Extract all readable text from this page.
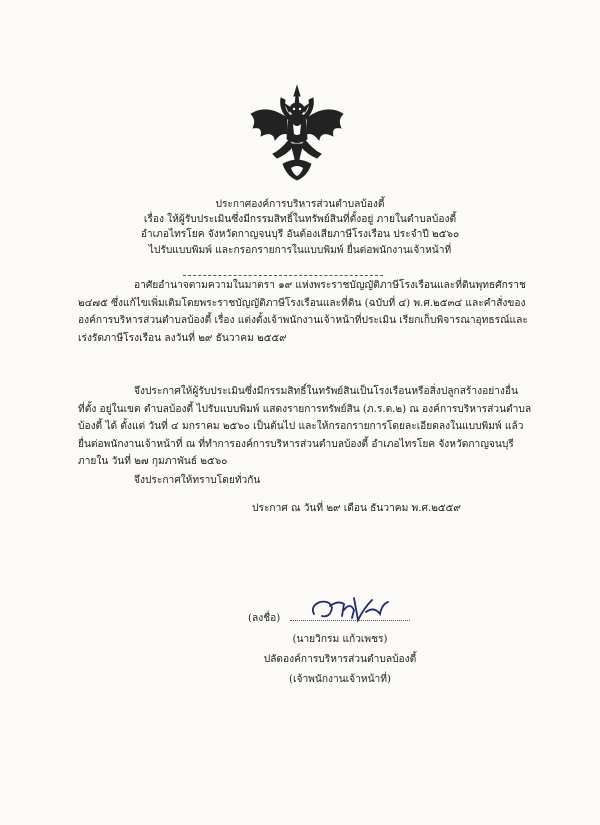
ประกาศองค์การบริหารส่วนตำบลบ้องตี้
เรื่อง ให้ผู้รับประเมินซึ่งมีกรรมสิทธิ์ในทรัพย์สินที่ตั้งอยู่ ภายในตำบลบ้องตี้
อำเภอไทรโยค จังหวัดกาญจนบุรี อันต้องเสียภาษีโรงเรือน ประจำปี ๒๕๖๐
ไปรับแบบพิมพ์ และกรอกรายการในแบบพิมพ์ ยื่นต่อพนักงานเจ้าหน้าที่
อาศัยอำนาจตามความในมาตรา ๑๙ แห่งพระราชบัญญัติภาษีโรงเรือนและที่ดินพุทธศักราช
๒๔๗๕ ซึ่งแก้ไขเพิ่มเติมโดยพระราชบัญญัติภาษีโรงเรือนและที่ดิน (ฉบับที่ ๔) พ.ศ.๒๕๓๔ และคำสั่งของ
องค์การบริหารส่วนตำบลบ้องตี้ เรื่อง แต่งตั้งเจ้าพนักงานเจ้าหน้าที่ประเมิน เรียกเก็บพิจารณาอุทธรณ์และ
เร่งรัดภาษีโรงเรือน ลงวันที่ ๒๙ ธันวาคม ๒๕๕๙
จึงประกาศให้ผู้รับประเมินซึ่งมีกรรมสิทธิ์ในทรัพย์สินเป็นโรงเรือนหรือสิ่งปลูกสร้างอย่างอื่น
ที่ตั้ง อยู่ในเขต ตำบลบ้องตี้ ไปรับแบบพิมพ์ แสดงรายการทรัพย์สิน (ภ.ร.ด.๒) ณ องค์การบริหารส่วนตำบล
บ้องตี้ ได้ ตั้งแต่ วันที่ ๔ มกราคม ๒๕๖๐ เป็นต้นไป และให้กรอกรายการโดยละเอียดลงในแบบพิมพ์ แล้ว
ยื่นต่อพนักงานเจ้าหน้าที่ ณ ที่ทำการองค์การบริหารส่วนตำบลบ้องตี้ อำเภอไทรโยค จังหวัดกาญจนบุรี
ภายใน วันที่ ๒๗ กุมภาพันธ์ ๒๕๖๐
จึงประกาศให้ทราบโดยทั่วกัน
ประกาศ ณ วันที่ ๒๙ เดือน ธันวาคม พ.ศ.๒๕๕๙
(ลงชื่อ)
(นายวิกรม แก้วเพชร)
ปลัดองค์การบริหารส่วนตำบลบ้องตี้
(เจ้าพนักงานเจ้าหน้าที่)
